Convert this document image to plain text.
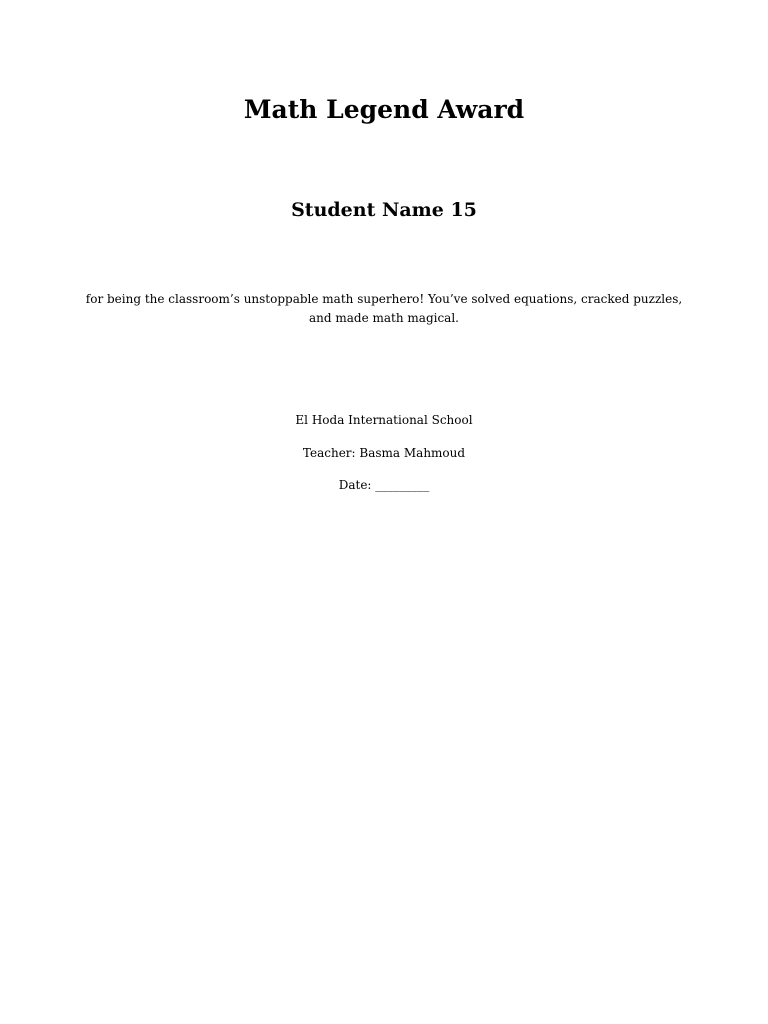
Math Legend Award
Student Name 15

for being the classroom’s unstoppable math superhero! You’ve solved equations, cracked puzzles, and made math magical.

El Hoda International School

Teacher: Basma Mahmoud

Date: _________
